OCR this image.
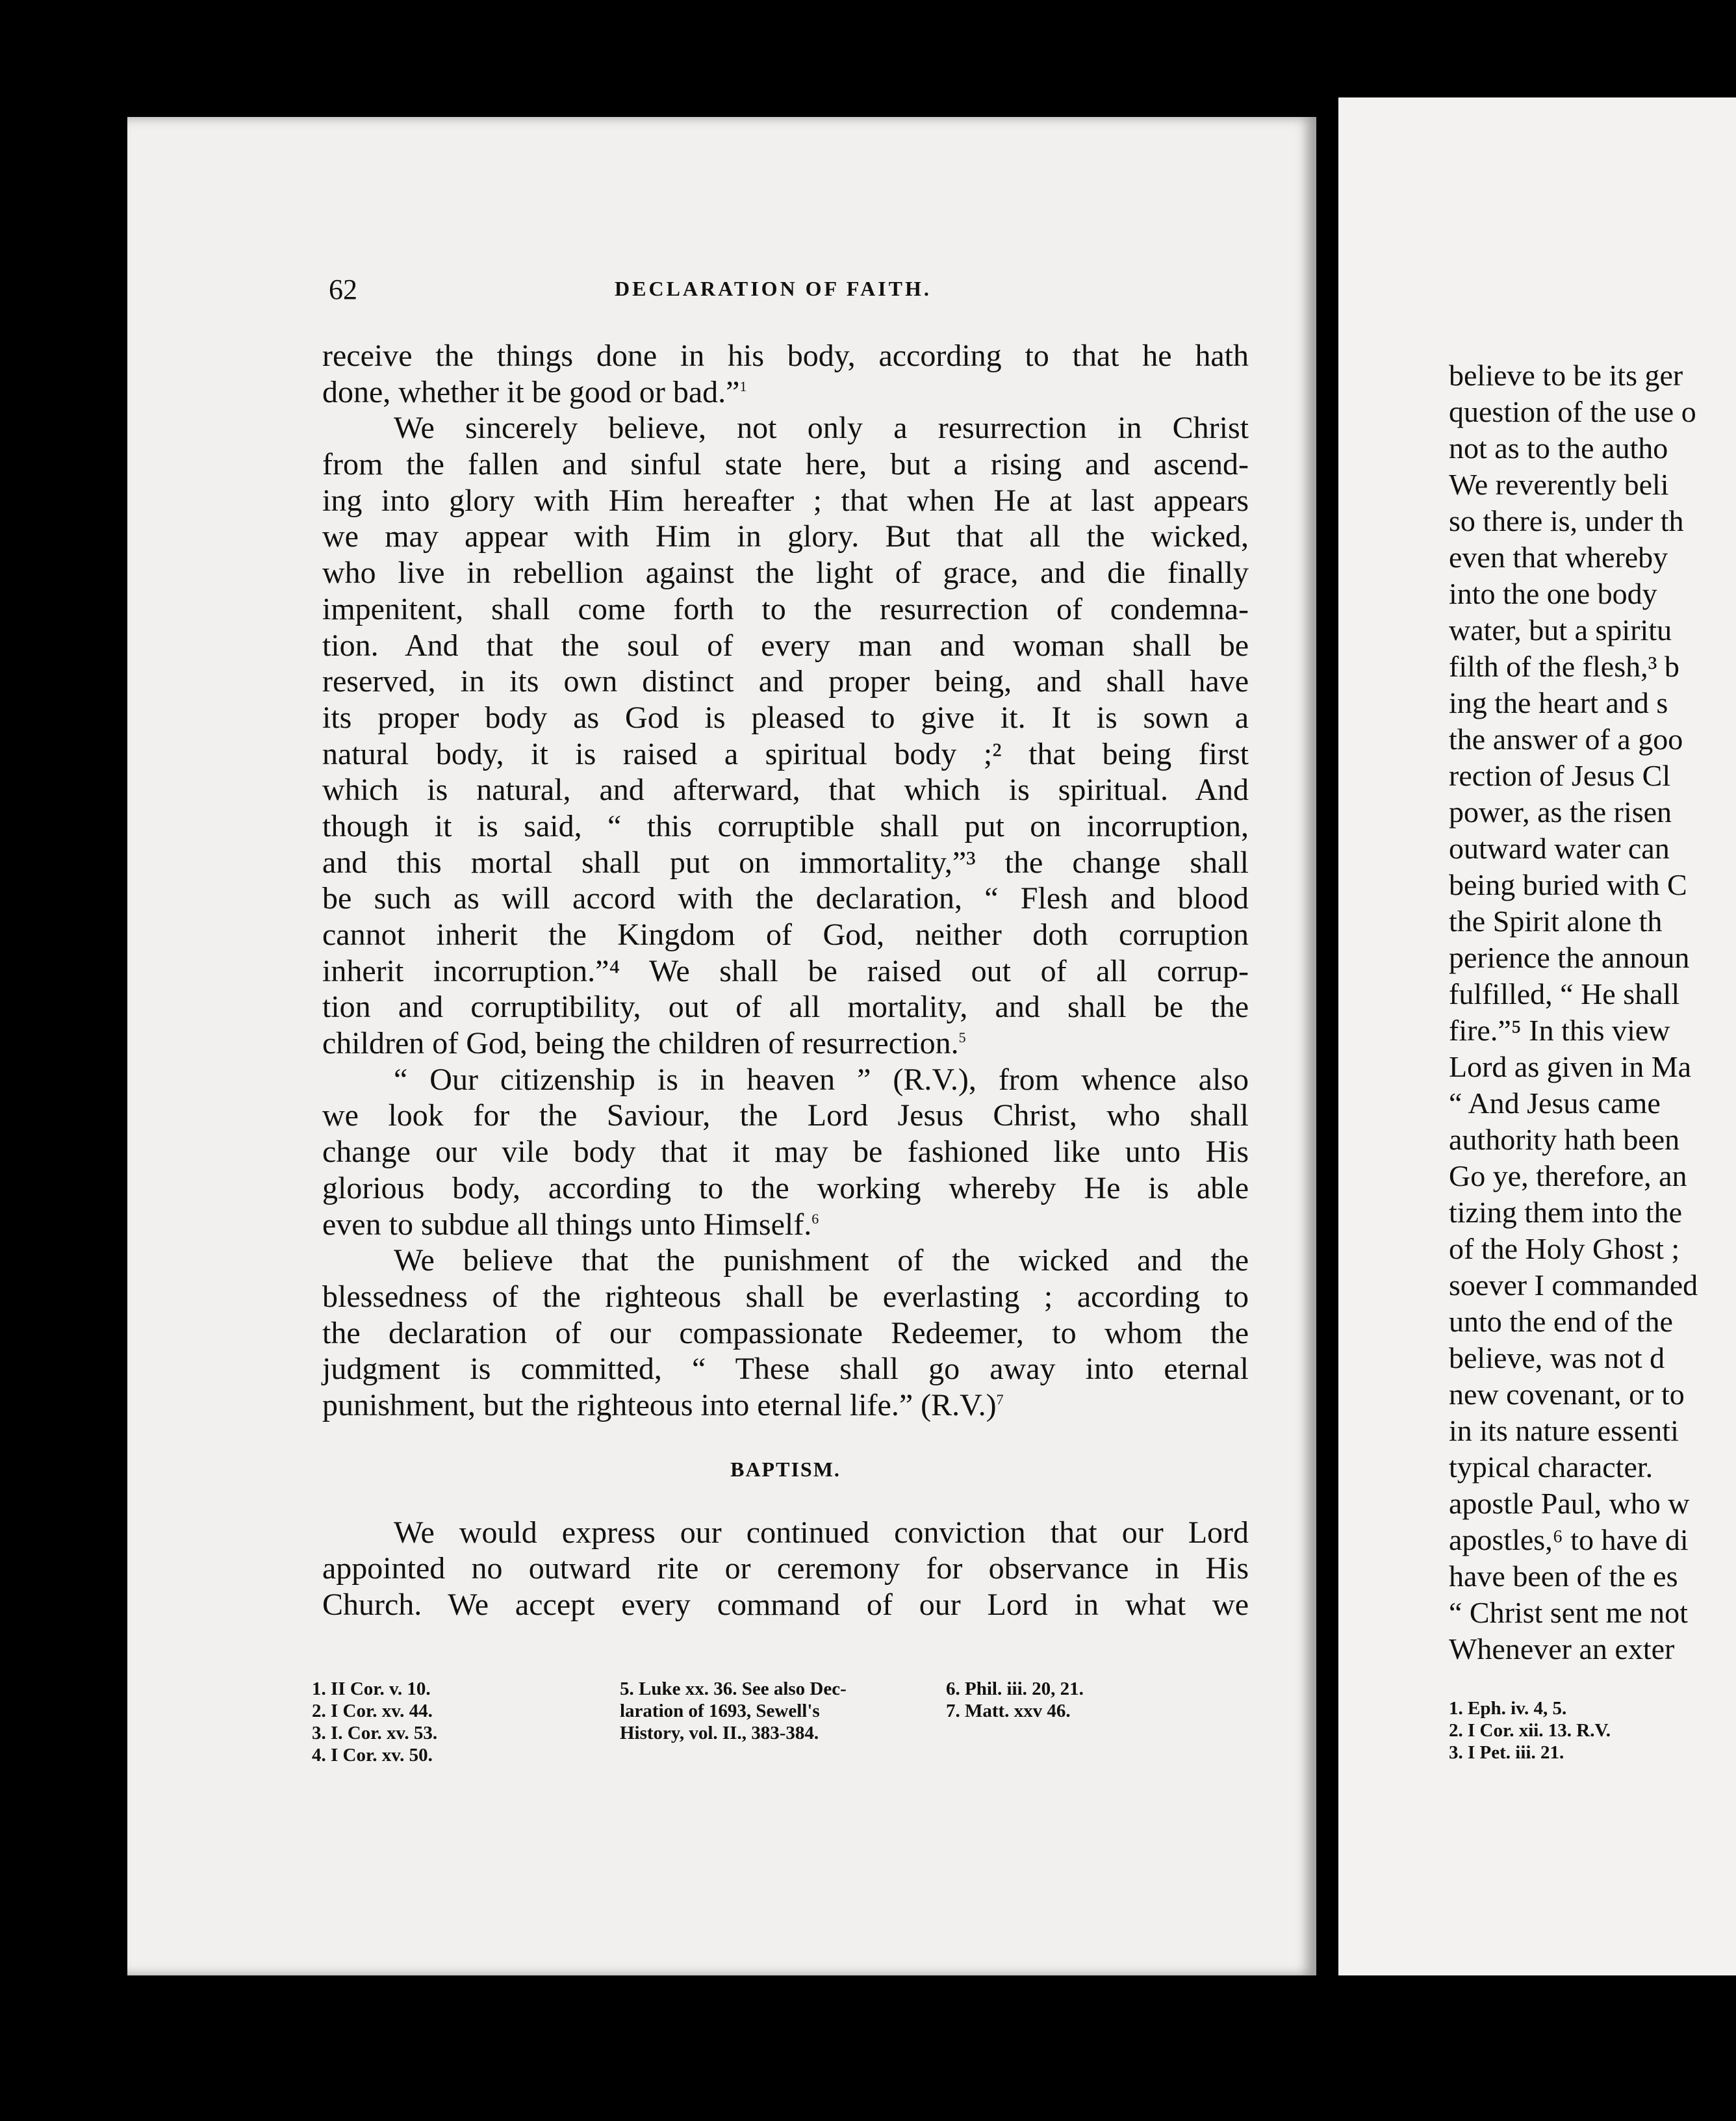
believe to be its ger
question of the use o
not as to the autho
We reverently beli
so there is, under th
even that whereby
into the one body
water, but a spiritu
filth of the flesh,³ b
ing the heart and s
the answer of a goo
rection of Jesus Cl
power, as the risen
outward water can
being buried with C
the Spirit alone th
perience the announ
fulfilled, “ He shall
fire.”⁵ In this view
Lord as given in Ma
“ And Jesus came
authority hath been
Go ye, therefore, an
tizing them into the
of the Holy Ghost ;
soever I commanded
unto the end of the
believe, was not d
new covenant, or to
in its nature essenti
typical character.
apostle Paul, who w
apostles,⁶ to have di
have been of the es
“ Christ sent me not
Whenever an exter
1. Eph. iv. 4, 5.
2. I Cor. xii. 13. R.V.
3. I Pet. iii. 21.
62	DECLARATION OF FAITH.
receive the things done in his body, according to that he hath
done, whether it be good or bad.”$^1$
We sincerely believe, not only a resurrection in Christ
from the fallen and sinful state here, but a rising and ascend-
ing into glory with Him hereafter ; that when He at last appears
we may appear with Him in glory. But that all the wicked,
who live in rebellion against the light of grace, and die finally
impenitent, shall come forth to the resurrection of condemna-
tion. And that the soul of every man and woman shall be
reserved, in its own distinct and proper being, and shall have
its proper body as God is pleased to give it. It is sown a
natural body, it is raised a spiritual body ;² that being first
which is natural, and afterward, that which is spiritual. And
though it is said, “ this corruptible shall put on incorruption,
and this mortal shall put on immortality,”³ the change shall
be such as will accord with the declaration, “ Flesh and blood
cannot inherit the Kingdom of God, neither doth corruption
inherit incorruption.”⁴ We shall be raised out of all corrup-
tion and corruptibility, out of all mortality, and shall be the
children of God, being the children of resurrection.$^5$
“ Our citizenship is in heaven ” (R.V.), from whence also
we look for the Saviour, the Lord Jesus Christ, who shall
change our vile body that it may be fashioned like unto His
glorious body, according to the working whereby He is able
even to subdue all things unto Himself.$^6$
We believe that the punishment of the wicked and the
blessedness of the righteous shall be everlasting ; according to
the declaration of our compassionate Redeemer, to whom the
judgment is committed, “ These shall go away into eternal
punishment, but the righteous into eternal life.” $(R.V.)^7$
BAPTISM.
We would express our continued conviction that our Lord
appointed no outward rite or ceremony for observance in His
Church. We accept every command of our Lord in what we
1. II Cor. v. 10.
2. I Cor. xv. 44.
3. I. Cor. xv. 53.
4. I Cor. xv. 50.
5. Luke xx. 36. See also Dec-
laration of 1693, Sewell's
History, vol. II., 383-384.
6. Phil. iii. 20, 21.
7. Matt. xxv 46.
